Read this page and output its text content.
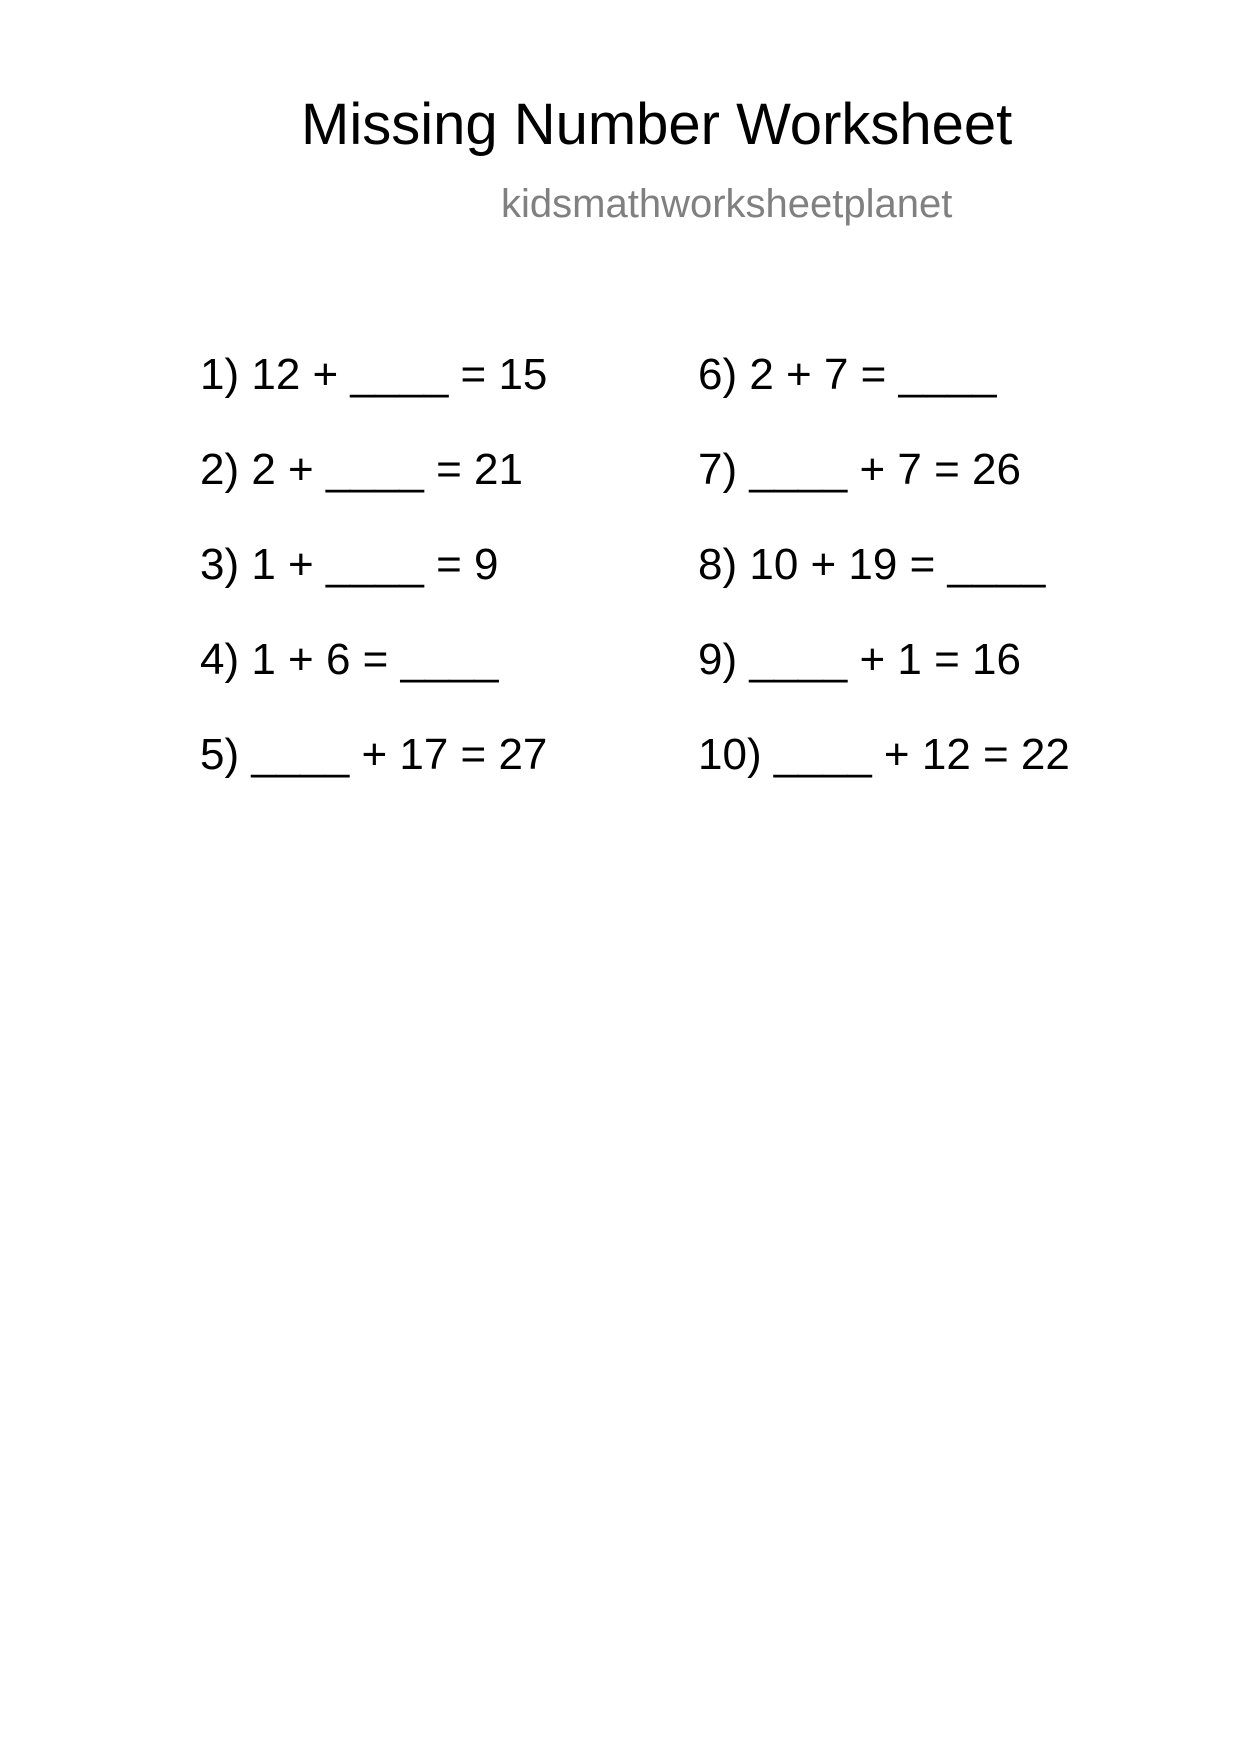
Missing Number Worksheet
kidsmathworksheetplanet
1) 12 + ____ = 15
2) 2 + ____ = 21
3) 1 + ____ = 9
4) 1 + 6 = ____
5) ____ + 17 = 27
6) 2 + 7 = ____
7) ____ + 7 = 26
8) 10 + 19 = ____
9) ____ + 1 = 16
10) ____ + 12 = 22
